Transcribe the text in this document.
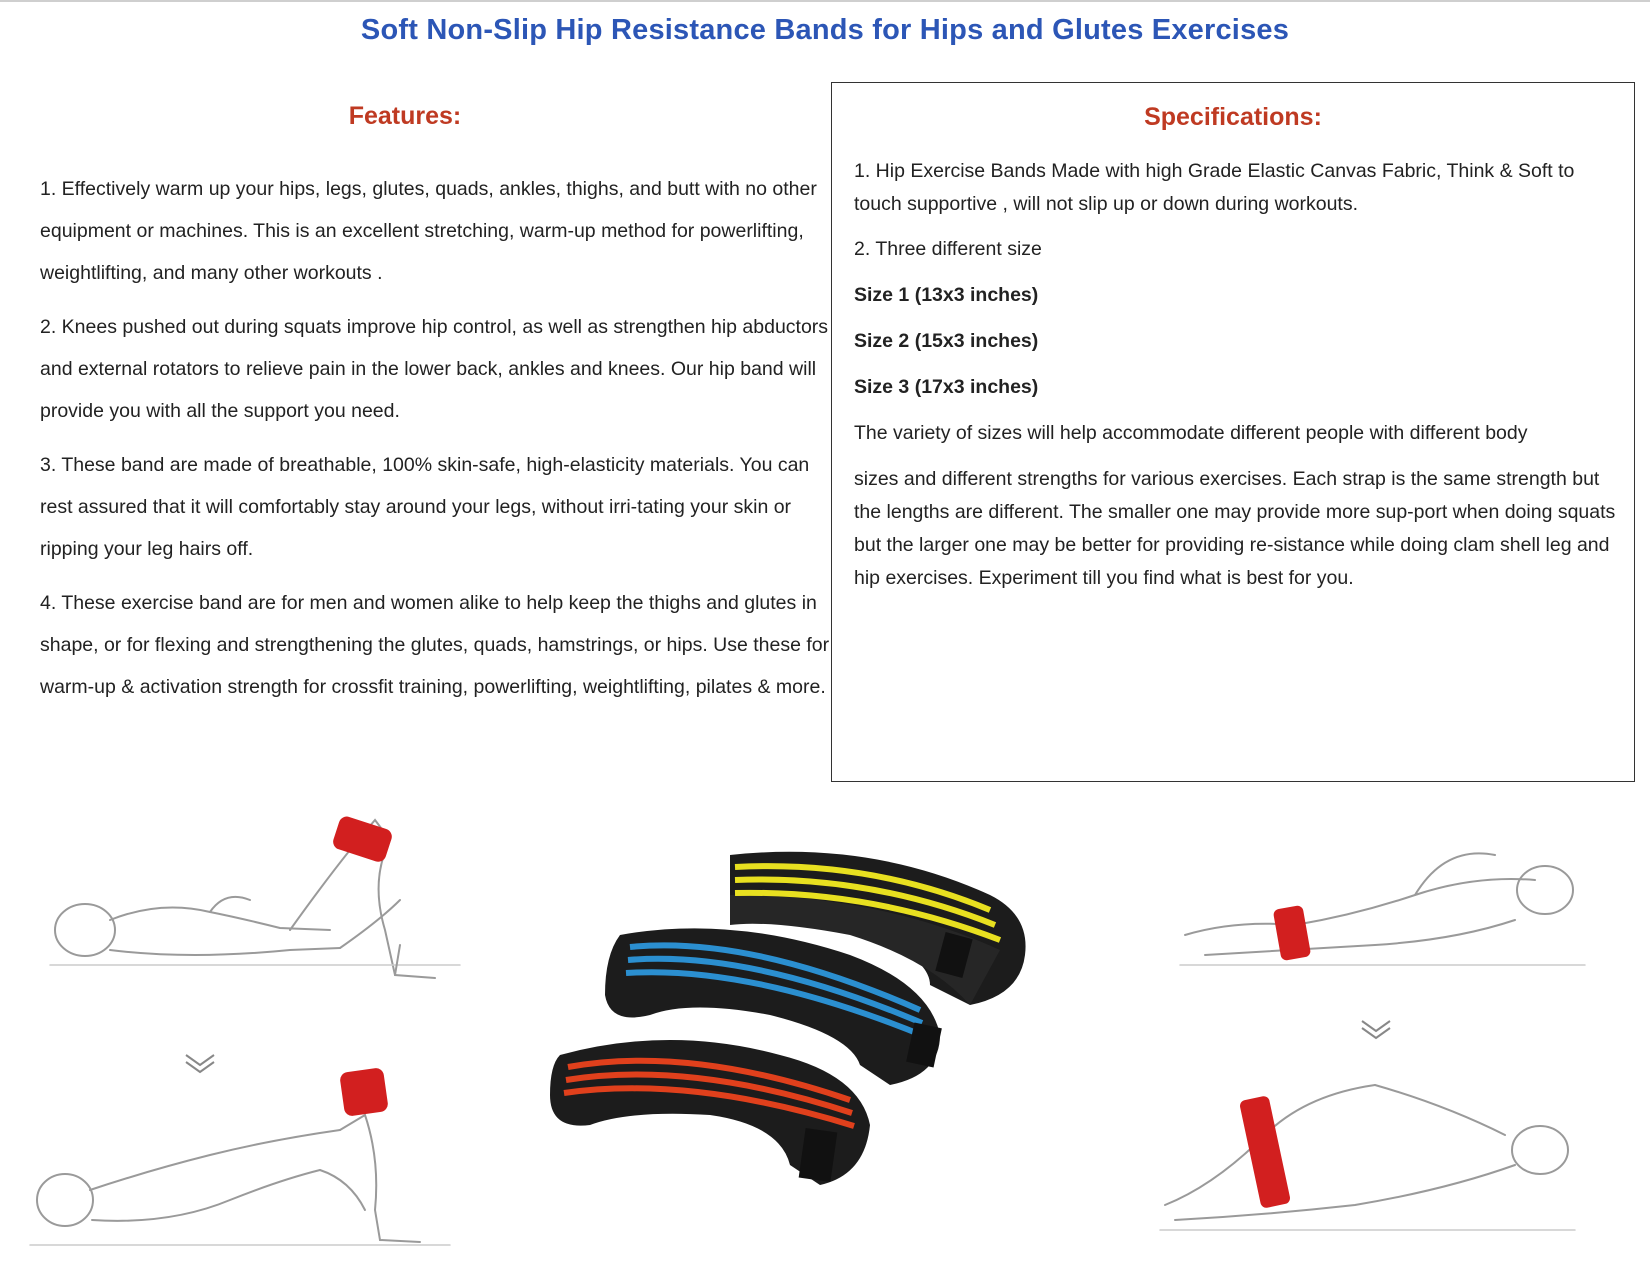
Soft Non-Slip Hip Resistance Bands for Hips and Glutes Exercises
Features:

1. Effectively warm up your hips, legs, glutes, quads, ankles, thighs, and butt with no other equipment or machines. This is an excellent stretching, warm-up method for powerlifting, weightlifting, and many other workouts .

2. Knees pushed out during squats improve hip control, as well as strengthen hip abductors and external rotators to relieve pain in the lower back, ankles and knees. Our hip band will provide you with all the support you need.

3. These band are made of breathable, 100% skin-safe, high-elasticity materials. You can rest assured that it will comfortably stay around your legs, without irri-tating your skin or ripping your leg hairs off.

4. These exercise band are for men and women alike to help keep the thighs and glutes in shape, or for flexing and strengthening the glutes, quads, hamstrings, or hips. Use these for warm-up & activation strength for crossfit training, powerlifting, weightlifting, pilates & more.

Specifications:

1. Hip Exercise Bands Made with high Grade Elastic Canvas Fabric, Think & Soft to touch supportive , will not slip up or down during workouts.

2. Three different size

Size 1 (13x3 inches)

Size 2 (15x3 inches)

Size 3 (17x3 inches)

The variety of sizes will help accommodate different people with different body

sizes and different strengths for various exercises. Each strap is the same strength but the lengths are different. The smaller one may provide more sup-port when doing squats but the larger one may be better for providing re-sistance while doing clam shell leg and hip exercises. Experiment till you find what is best for you.
